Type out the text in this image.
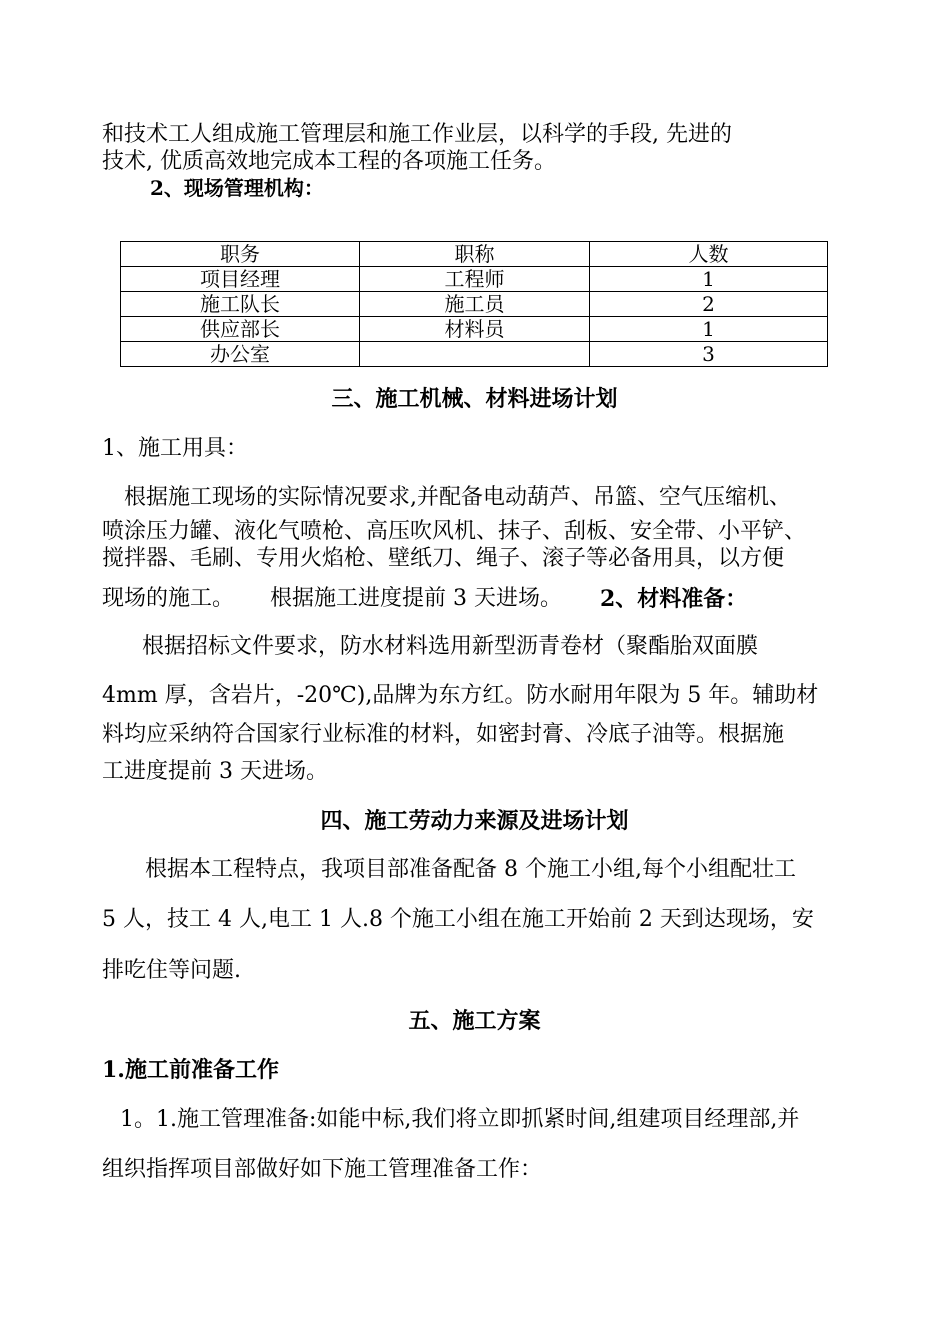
和技术工人组成施工管理层和施工作业层，以科学的手段, 先进的
技术, 优质高效地完成本工程的各项施工任务。
2、现场管理机构：
职务	职称	人数
项目经理	工程师	1
施工队长	施工员	2
供应部长	材料员	1
办公室		3
三、施工机械、材料进场计划
1、施工用具：
根据施工现场的实际情况要求,并配备电动葫芦、吊篮、空气压缩机、
喷涂压力罐、液化气喷枪、高压吹风机、抹子、刮板、安全带、小平铲、
搅拌器、毛刷、专用火焰枪、壁纸刀、绳子、滚子等必备用具，以方便
现场的施工。	根据施工进度提前 3 天进场。	2、材料准备：
根据招标文件要求，防水材料选用新型沥青卷材（聚酯胎双面膜
4mm 厚，含岩片，-20℃),品牌为东方红。防水耐用年限为 5 年。辅助材
料均应采纳符合国家行业标准的材料，如密封膏、冷底子油等。根据施
工进度提前 3 天进场。
四、施工劳动力来源及进场计划
根据本工程特点，我项目部准备配备 8 个施工小组,每个小组配壮工
5 人，技工 4 人,电工 1 人.8 个施工小组在施工开始前 2 天到达现场，安
排吃住等问题.
五、施工方案
1.施工前准备工作
1。1.施工管理准备:如能中标,我们将立即抓紧时间,组建项目经理部,并
组织指挥项目部做好如下施工管理准备工作：
